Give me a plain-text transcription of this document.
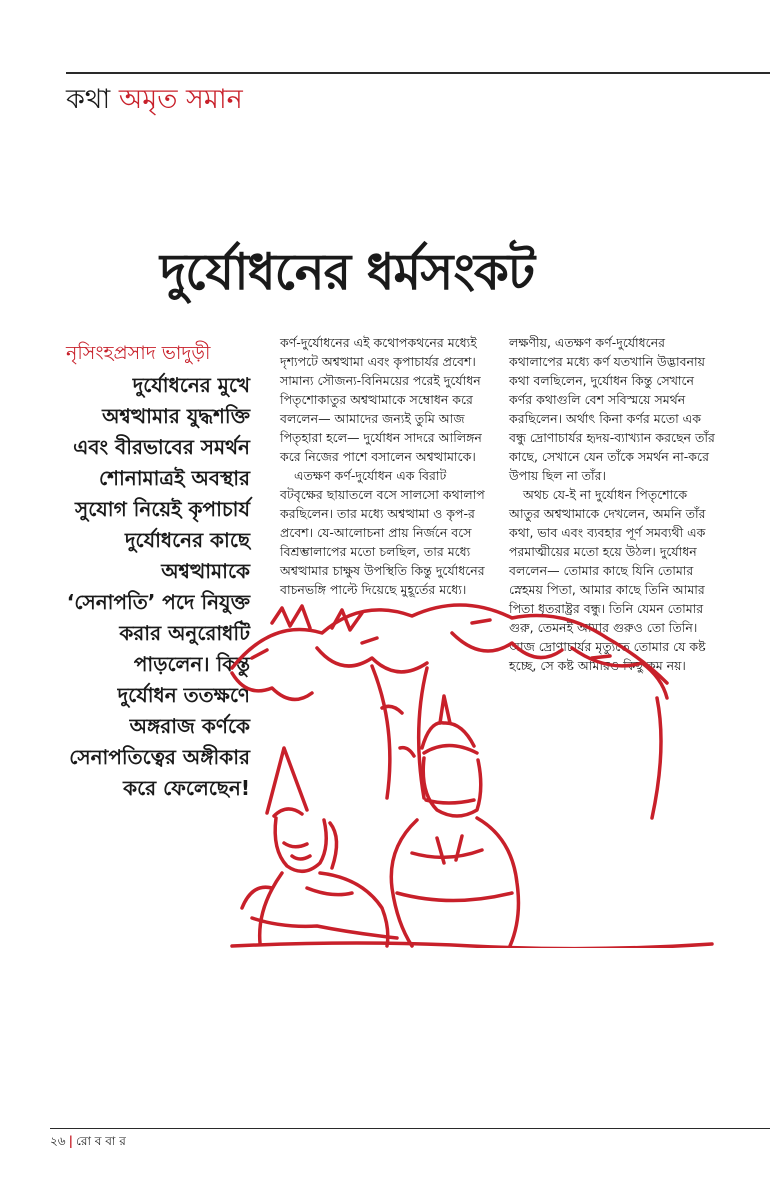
কথা অমৃত সমান
দুর্যোধনের ধর্মসংকট
নৃসিংহপ্রসাদ ভাদুড়ী
দুর্যোধনের মুখে
অশ্বত্থামার যুদ্ধশক্তি
এবং বীরভাবের সমর্থন
শোনামাত্রই অবস্থার
সুযোগ নিয়েই কৃপাচার্য
দুর্যোধনের কাছে
অশ্বত্থামাকে
‘সেনাপতি’ পদে নিযুক্ত
করার অনুরোধটি
পাড়লেন। কিন্তু
দুর্যোধন ততক্ষণে
অঙ্গরাজ কর্ণকে
সেনাপতিত্বের অঙ্গীকার
করে ফেলেছেন!
কর্ণ-দুর্যোধনের এই কথোপকথনের মধ্যেই
দৃশ্যপটে অশ্বত্থামা এবং কৃপাচার্যর প্রবেশ।
সামান্য সৌজন্য-বিনিময়ের পরেই দুর্যোধন
পিতৃশোকাতুর অশ্বত্থামাকে সম্বোধন করে
বললেন— আমাদের জন্যই তুমি আজ
পিতৃহারা হলে— দুর্যোধন সাদরে আলিঙ্গন
করে নিজের পাশে বসালেন অশ্বত্থামাকে।
এতক্ষণ কর্ণ-দুর্যোধন এক বিরাট
বটবৃক্ষের ছায়াতলে বসে সালসো কথালাপ
করছিলেন। তার মধ্যে অশ্বত্থামা ও কৃপ-র
প্রবেশ। যে-আলোচনা প্রায় নির্জনে বসে
বিশ্রম্ভালাপের মতো চলছিল, তার মধ্যে
অশ্বত্থামার চাক্ষুষ উপস্থিতি কিন্তু দুর্যোধনের
বাচনভঙ্গি পাল্টে দিয়েছে মুহূর্তের মধ্যে।
লক্ষণীয়, এতক্ষণ কর্ণ-দুর্যোধনের
কথালাপের মধ্যে কর্ণ যতখানি উদ্ভাবনায়
কথা বলছিলেন, দুর্যোধন কিন্তু সেখানে
কর্ণর কথাগুলি বেশ সবিস্ময়ে সমর্থন
করছিলেন। অর্থাৎ কিনা কর্ণর মতো এক
বন্ধু দ্রোণাচার্যর হৃদয়-ব্যাখ্যান করছেন তাঁর
কাছে, সেখানে যেন তাঁকে সমর্থন না-করে
উপায় ছিল না তাঁর।
অথচ যে-ই না দুর্যোধন পিতৃশোকে
আতুর অশ্বত্থামাকে দেখলেন, অমনি তাঁর
কথা, ভাব এবং ব্যবহার পূর্ণ সমব্যথী এক
পরমাত্মীয়ের মতো হয়ে উঠল। দুর্যোধন
বললেন— তোমার কাছে যিনি তোমার
স্নেহময় পিতা, আমার কাছে তিনি আমার
পিতা ধৃতরাষ্ট্রর বন্ধু। তিনি যেমন তোমার
গুরু, তেমনই আমার গুরুও তো তিনি।
আজ দ্রোণাচার্যর মৃত্যুতে তোমার যে কষ্ট
হচ্ছে, সে কষ্ট আমারও কিছু কম নয়।
২৬ | রো ব বা র
